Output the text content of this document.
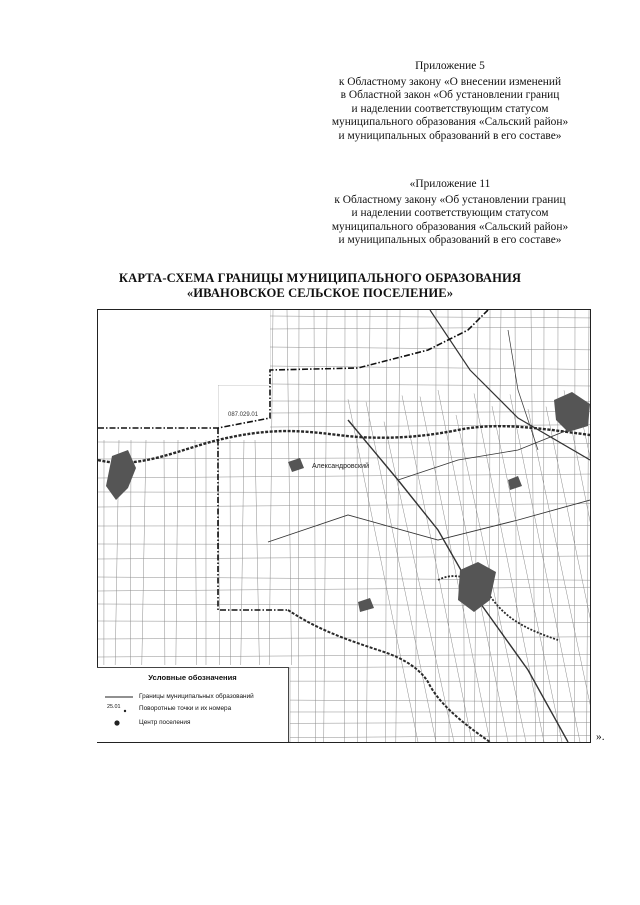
Приложение 5
к Областному закону «О внесении изменений
в Областной закон «Об установлении границ
и наделении соответствующим статусом
муниципального образования «Сальский район»
и муниципальных образований в его составе»
«Приложение 11
к Областному закону «Об установлении границ
и наделении соответствующим статусом
муниципального образования «Сальский район»
и муниципальных образований в его составе»
КАРТА-СХЕМА ГРАНИЦЫ МУНИЦИПАЛЬНОГО ОБРАЗОВАНИЯ
«ИВАНОВСКОЕ СЕЛЬСКОЕ ПОСЕЛЕНИЕ»
Александровский
087.029.01
Условные обозначения
Границы муниципальных образований
25.01	Поворотные точки и их номера
Центр поселения
».
